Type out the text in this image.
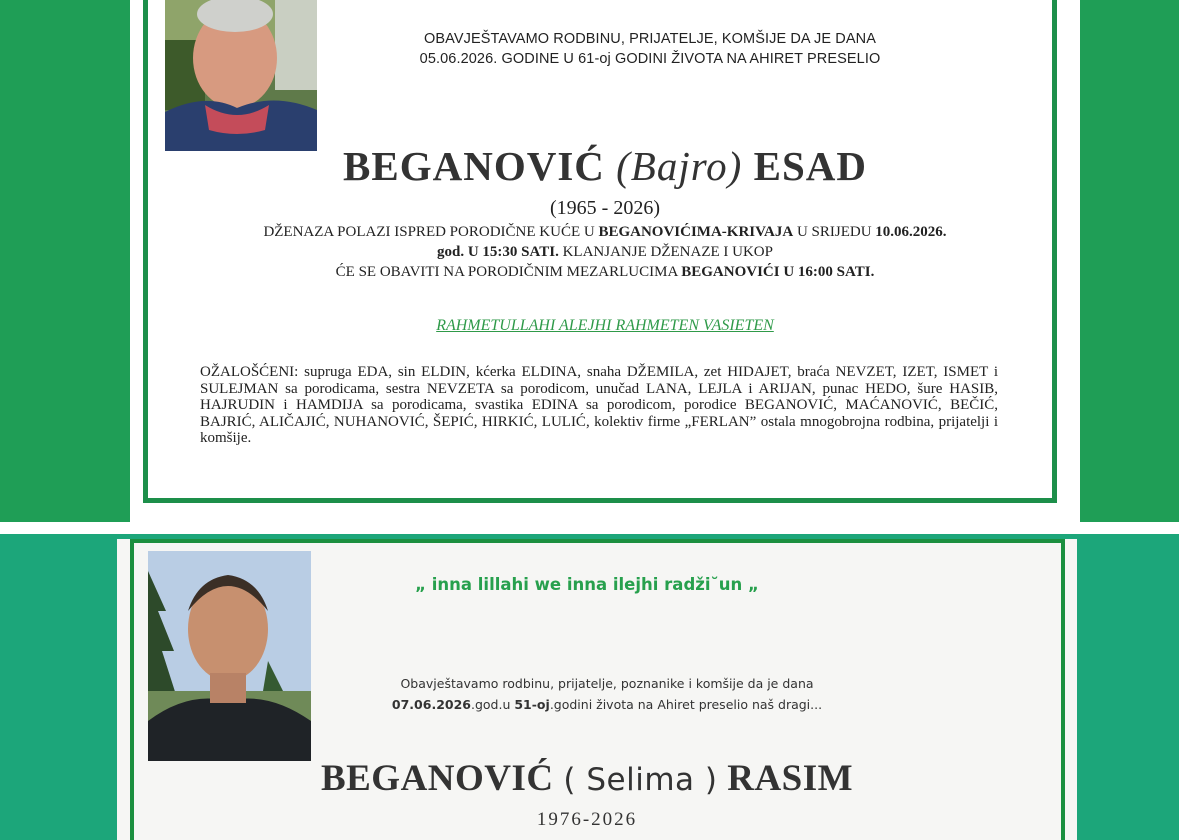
OBAVJEŠTAVAMO RODBINU, PRIJATELJE, KOMŠIJE DA JE DANA
05.06.2026. GODINE U 61-oj GODINI ŽIVOTA NA AHIRET PRESELIO
BEGANOVIĆ (Bajro) ESAD
(1965 - 2026)
DŽENAZA POLAZI ISPRED PORODIČNE KUĆE U BEGANOVIĆIMA-KRIVAJA U SRIJEDU 10.06.2026.
god. U 15:30 SATI. KLANJANJE DŽENAZE I UKOP
ĆE SE OBAVITI NA PORODIČNIM MEZARLUCIMA BEGANOVIĆI U 16:00 SATI.
RAHMETULLAHI ALEJHI RAHMETEN VASIETEN
OŽALOŠĆENI: supruga EDA, sin ELDIN, kćerka ELDINA, snaha DŽEMILA, zet HIDAJET, braća NEVZET, IZET, ISMET i SULEJMAN sa porodicama, sestra NEVZETA sa porodicom, unučad LANA, LEJLA i ARIJAN, punac HEDO, šure HASIB, HAJRUDIN i HAMDIJA sa porodicama, svastika EDINA sa porodicom, porodice BEGANOVIĆ, MAĆANOVIĆ, BEČIĆ, BAJRIĆ, ALIČAJIĆ, NUHANOVIĆ, ŠEPIĆ, HIRKIĆ, LULIĆ, kolektiv firme „FERLAN” ostala mnogobrojna rodbina, prijatelji i komšije.
„ inna lillahi we inna ilejhi radži˘un „
Obavještavamo rodbinu, prijatelje, poznanike i komšije da je dana
07.06.2026.god.u 51-oj.godini života na Ahiret preselio naš dragi...
BEGANOVIĆ ( Selima ) RASIM
1976-2026
